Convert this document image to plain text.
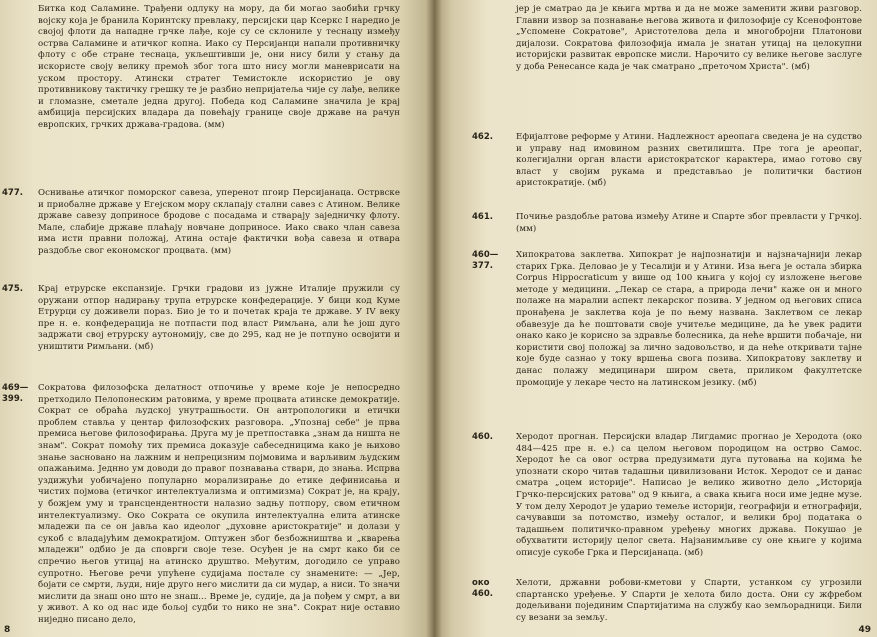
Битка код Саламине. Трађени одлуку на мору, да би могао заобићи грчку војску која је бранила Коринтску превлаку, персијски цар Ксеркс I наредио је својој флоти да нападне грчке лађе, које су се склониле у теснацу између острва Саламине и атичког копна. Иако су Персијанци напали противничку флоту с обе стране теснаца, укљештивши је, они нису били у стању да искористе своју велику премоћ због тога што нису могли маневрисати на уском простору. Атински стратег Темистокле искористио је ову противникову тактичку грешку те је разбио непријатеља чије су лађе, велике и гломазне, сметале једна другој. Победа код Саламине значила је крај амбиција персијских владара да повећају границе своје државе на рачун европских, грчких држава-градова. (мм)
477. Оснивање атичког поморског савеза, уперенот пгоир Персијанаца. Острвске и приобалне државе у Егејском мору склапају стални савез с Атином. Велике државе савезу доприносе бродове с посадама и стварају заједничку флоту. Мале, слабије државе плаћају новчане доприносе. Иако свако члан савеза има исти правни положај, Атина остаје фактички вођа савеза и отвара раздобље свог економског процвата. (мм)
475. Крај етрурске експанзије. Грчки градови из јужне Италије пружили су оружани отпор надирању трупа етрурске конфедерације. У бици код Куме Етрурци су доживели пораз. Био је то и почетак краја те државе. У IV веку пре н. е. конфедерација не потпасти под власт Римљана, али ће још дуго задржати свој етрурску аутономију, све до 295, кад не је потпуно освојити и уништити Римљани. (мб)
469—
399.
Сократова филозофска делатност отпочиње у време које је непосредно претходило Пелопонеским ратовима, у време процвата атинске демократије. Сократ се обраћа људској унутрашњости. Он антропологики и етички проблем ставља у центар филозофских разговора. „Упознај себе" је прва премиса његове филозофирања. Друга му је претпоставка „знам да ништа не знам". Сократ помоћу тих премиса доказује сабеседницима како је њихово знање засновано на лажним и непрецизним појмовима и варљивим људским опажањима. Једнно ум доводи до правог познавања ствари, до знања. Испрва уздижући уобичајено популарно морализирање до етике дефинисања и чистих појмова (етичког интелектуализма и оптимизма) Сократ је, на крају, у божјем уму и трансцендентности налазио задњу потпору, свом етичном интелектуализму. Око Сократа се окупила интелектуална елита атинске младежи па се он јавља као идеолог „духовне аристократије" и долази у сукоб с владајућим демократијом. Оптужен због безбожништва и „кварења младежи" одбио је да споврги своје тезе. Осуђен је на смрт како би се спречио његов утицај на атинско друштво. Међутим, догодило се управо супротно. Његове речи упућене судијама постале су знамените: — „Јер, бојати се смрти, људи, није друго него мислити да си мудар, а ниси. То значи мислити да знаш оно што не знаш... Време је, судије, да ја пођем у смрт, а ви у живот. А ко од нас иде бољој судби то нико не зна". Сократ није оставио ниједно писано дело,
8
јер је сматрао да је књига мртва и да не може заменити живи разговор. Главни извор за познавање његова живота и филозофије су Ксенофонтове „Успомене Сократове", Аристотелова дела и многобројни Платонови дијалози. Сократова филозофија имала је знатан утицај на целокупни историјски развитак европске мисли. Нарочито су велике његове заслуге у доба Ренесансе када је чак сматрано „преточом Христа". (мб)
462.	Ефијалтове реформе у Атини. Надлежност ареопага сведена је на судство и управу над имовином разних светилишта. Пре тога је ареопаг, колегијални орган власти аристократског карактера, имао готово сву власт у својим рукама и представљао је политички бастион аристократије. (мб)
461.	Почиње раздобље ратова између Атине и Спарте због превласти у Грчкој. (мм)
460—
377.
Хипократова заклетва. Хипократ је најпознатији и најзначајнији лекар старих Грка. Деловао је у Тесалији и у Атини. Иза њега је остала збирка Corpus Hippocraticum у више од 100 књига у којој су изложене његове методе у медицини. „Лекар се стара, а природа лечи" каже он и много полаже на маралии аспект лекарског позива. У једном од његових списа пронађена је заклетва која је по њему названа. Заклетвом се лекар обавезује да ће поштовати своје учитеље медицине, да ће увек радити онако како је корисно за здравље болесника, да неће вршити побачаје, ни користити свој положај за лично задовољство, и да неће откривати тајне које буде сазнао у току вршења свога позива. Хипократову заклетву и данас полажу медицинари широм света, приликом факултетске промоције у лекаре често на латинском језику. (мб)
460.	Херодот прогнан. Персијски владар Лигдамис прогнао је Херодота (око 484—425 пре н. е.) са целом његовом породицом на острво Самос. Херодот ће са овог острва предузимати дуга путовања на којима ће упознати скоро читав тадашњи цивилизовани Исток. Херодот се и данас сматра „оцем историје". Написао је велико животно дело „Историја Грчко-персијских ратова" од 9 књига, а свака књига носи име једне музе. У том делу Херодот је ударио темеље историји, географији и етнографији, сачувавши за потомство, између осталог, и велики број података о тадашњем политичко-правном уређењу многих држава. Покушао је обухватити историју целог света. Најзанимљиве су оне књиге у којима описује сукобе Грка и Персијанаца. (мб)
око
460.
Хелоти, државни робови-кметови у Спарти, устанком су угрозили спартанско уређење. У Спарти је хелота било доста. Они су жфребом додељивани појединим Спартијатима на службу као земљорадници. Били су везани за земљу.
49
